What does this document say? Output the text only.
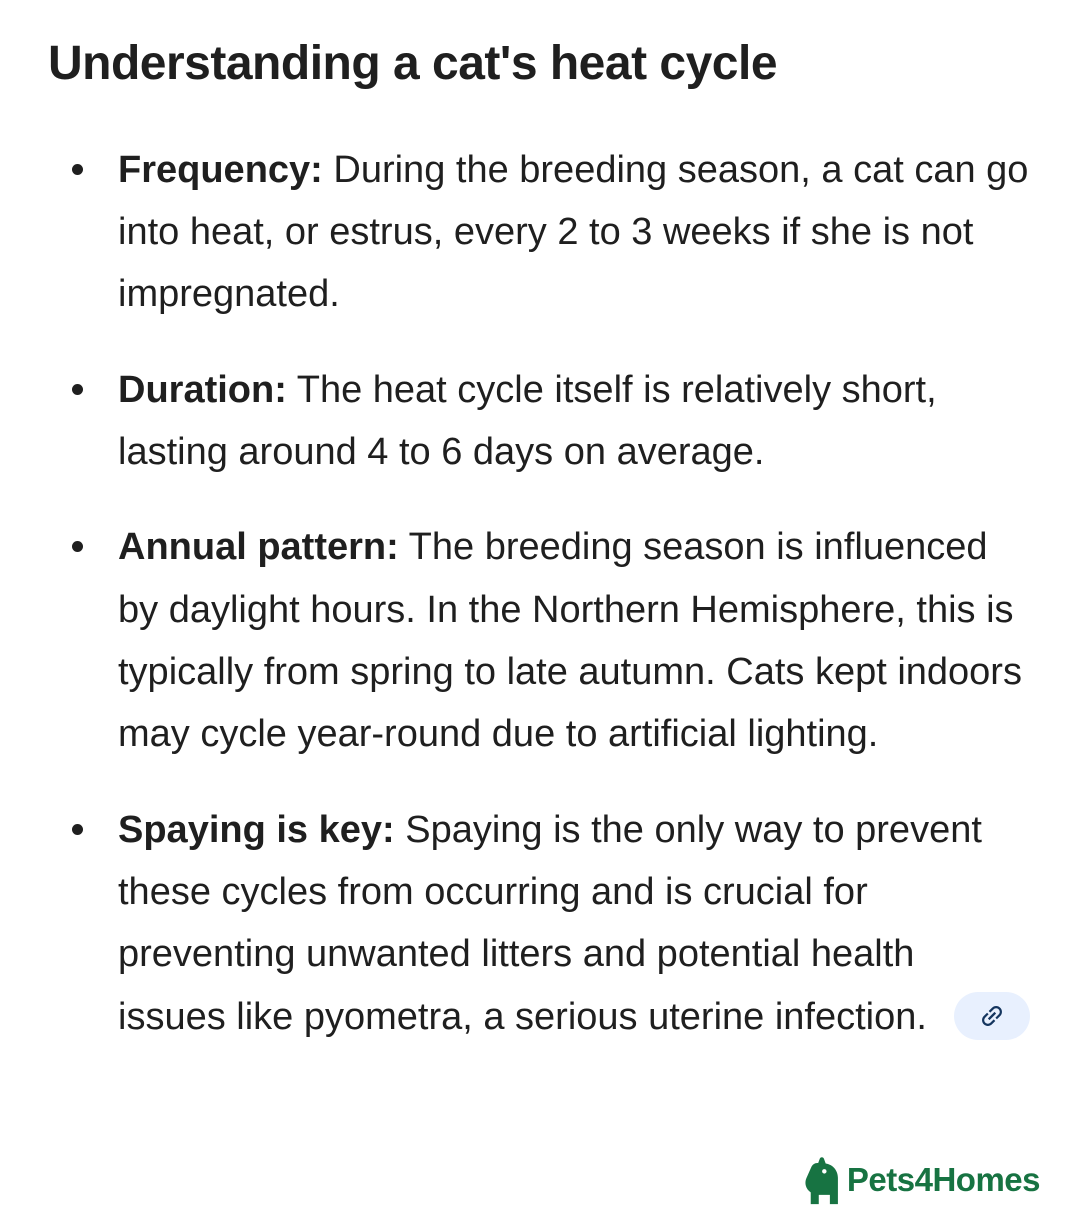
Understanding a cat's heat cycle
Frequency: During the breeding season, a cat can go into heat, or estrus, every 2 to 3 weeks if she is not impregnated.
Duration: The heat cycle itself is relatively short, lasting around 4 to 6 days on average.
Annual pattern: The breeding season is influenced by daylight hours. In the Northern Hemisphere, this is typically from spring to late autumn. Cats kept indoors may cycle year-round due to artificial lighting.
Spaying is key: Spaying is the only way to prevent these cycles from occurring and is crucial for preventing unwanted litters and potential health issues like pyometra, a serious uterine infection.
Pets4Homes
